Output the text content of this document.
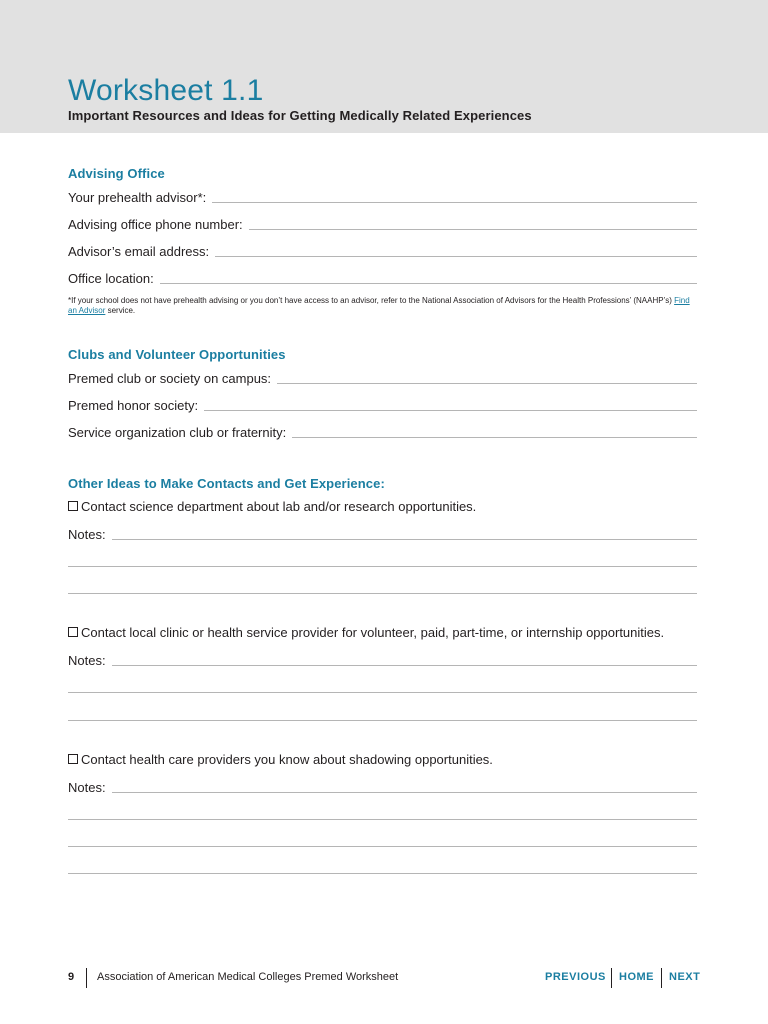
Worksheet 1.1

Important Resources and Ideas for Getting Medically Related Experiences

Advising Office
Your prehealth advisor*:
Advising office phone number:
Advisor’s email address:
Office location:
*If your school does not have prehealth advising or you don’t have access to an advisor, refer to the National Association of Advisors for the Health Professions’ (NAAHP’s) Find an Advisor service.
Clubs and Volunteer Opportunities
Premed club or society on campus:
Premed honor society:
Service organization club or fraternity:
Other Ideas to Make Contacts and Get Experience:
Contact science department about lab and/or research opportunities.
Notes:
Contact local clinic or health service provider for volunteer, paid, part-time, or internship opportunities.
Notes:
Contact health care providers you know about shadowing opportunities.
Notes:
9 Association of American Medical Colleges Premed Worksheet	PREVIOUS HOME NEXT
